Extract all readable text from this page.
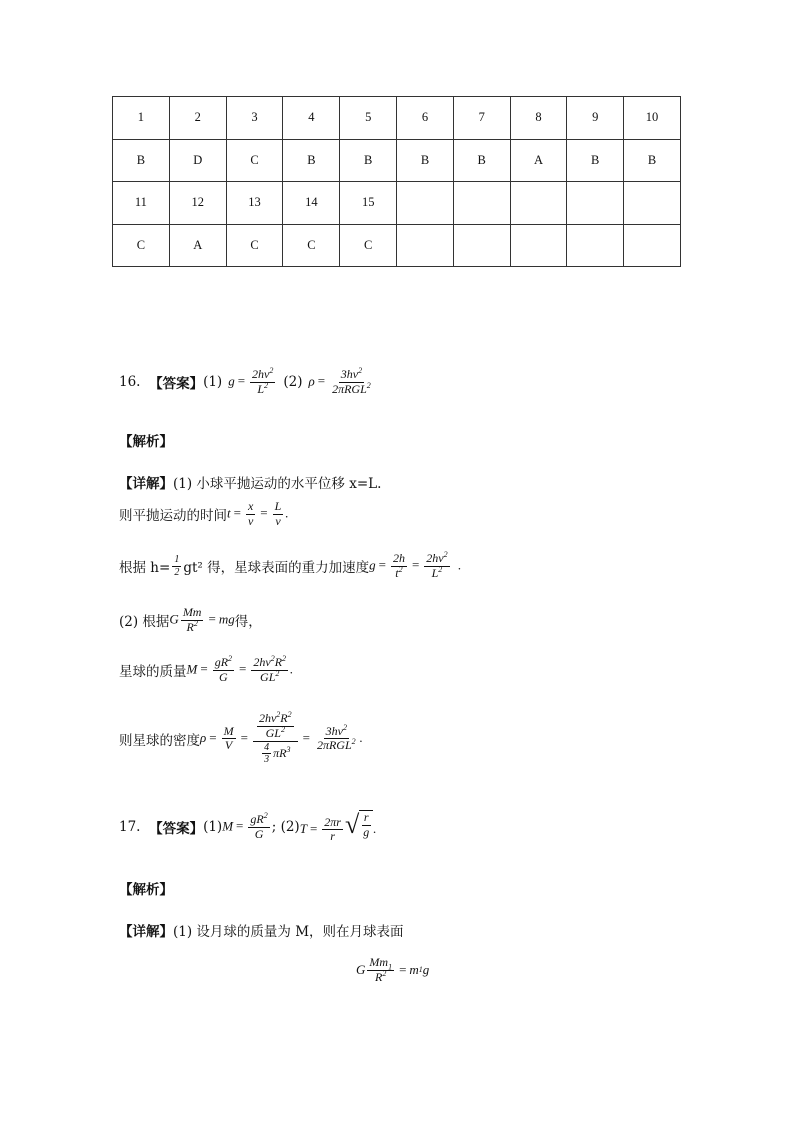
1	2	3	4	5	6	7	8	9	10
B	D	C	B	B	B	B	A	B	B
11	12	13	14	15					
C	A	C	C	C					
16.
【答案】 (1) $g = \frac{2hv^2}{L^2} (2) \rho = 3hv^2$
2πRGL$^2$
【解析】
【详解】 (1) 小球平抛运动的水平位移 x=L.
则平抛运动的时间 $t = \frac{x}{v} = \frac{L}{v}$ .
根据 $h= \frac{1}{2} gt^2$ 得，星球表面的重力加速度 $g = \frac{2h}{t^2} = \frac{2hv^2}{L^2}$ .
(2) 根据 G $\frac{Mm}{R^2}$ = mg 得，
星球的质量 $M = \frac{gR^2}{G} = \frac{2hv^2R^2}{GL^2}$ .
则星球的密度 $\rho = \frac{M}{V} = \frac{\frac{2hv^2R^2}{GL^2}}{\frac{4}{3} \pi R^3} = 3hv^2$
2πRGL$^2$ .
17.
【答案】 (1) $M = \frac{gR^2}{G}$ ; (2) $T = \frac{2\pi r}{r}$ √ $\frac{r}{g}$ .
【解析】
【详解】 (1) 设月球的质量为 M，则在月球表面
G $\frac{Mm_1}{R^2} = m$ 1 g
